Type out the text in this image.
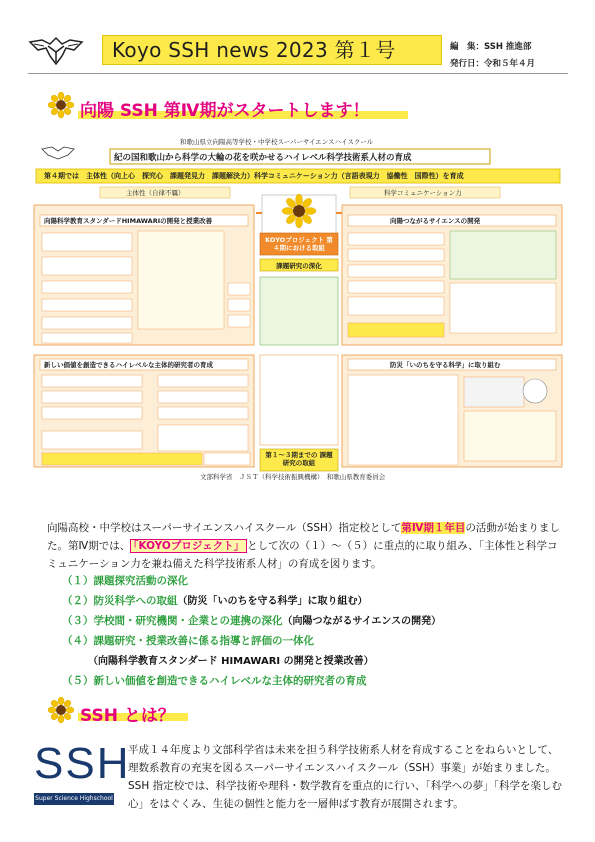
Koyo SSH news 2023 第１号	編　集：SSH 推進部
発行日：令和５年４月
向陽 SSH 第Ⅳ期がスタートします！
和歌山県立向陽高等学校・中学校スーパーサイエンスハイスクール
紀の国和歌山から科学の大輪の花を咲かせるハイレベル科学技術系人材の育成
第４期では　主体性（向上心　探究心　課題発見力　課題解決力）科学コミュニケーション力（言語表現力　協働性　国際性）を育成
主体性（自律不羈）	科学コミュニケーション力
向陽科学教育スタンダードHIMAWARIの開発と授業改善	向陽つながるサイエンスの開発
新しい価値を創造できるハイレベルな主体的研究者の育成	防災「いのちを守る科学」に取り組む
KOYOプロジェクト 第４期における取組
課題研究の深化
第１～３期までの 課題研究の取組
文部科学省　ＪＳＴ（科学技術振興機構）　和歌山県教育委員会
向陽高校・中学校はスーパーサイエンスハイスクール（SSH）指定校として第Ⅳ期１年目の活動が始まりました。第Ⅳ期では、 「KOYOプロジェクト」 として次の（１）～（５）に重点的に取り組み、「主体性と科学コミュニケーション力を兼ね備えた科学技術系人材」の育成を図ります。
（１）課題探究活動の深化
（２）防災科学への取組（防災「いのちを守る科学」に取り組む）
（３）学校間・研究機関・企業との連携の深化（向陽つながるサイエンスの開発）
（４）課題研究・授業改善に係る指導と評価の一体化
（向陽科学教育スタンダード HIMAWARI の開発と授業改善）
（５）新しい価値を創造できるハイレベルな主体的研究者の育成
SSH とは？
SSH
Super Science Highschool
平成１４年度より文部科学省は未来を担う科学技術系人材を育成することをねらいとして、理数系教育の充実を図るスーパーサイエンスハイスクール（SSH）事業」が始まりました。SSH 指定校では、科学技術や理科・数学教育を重点的に行い、「科学への夢」「科学を楽しむ心」をはぐくみ、生徒の個性と能力を一層伸ばす教育が展開されます。
